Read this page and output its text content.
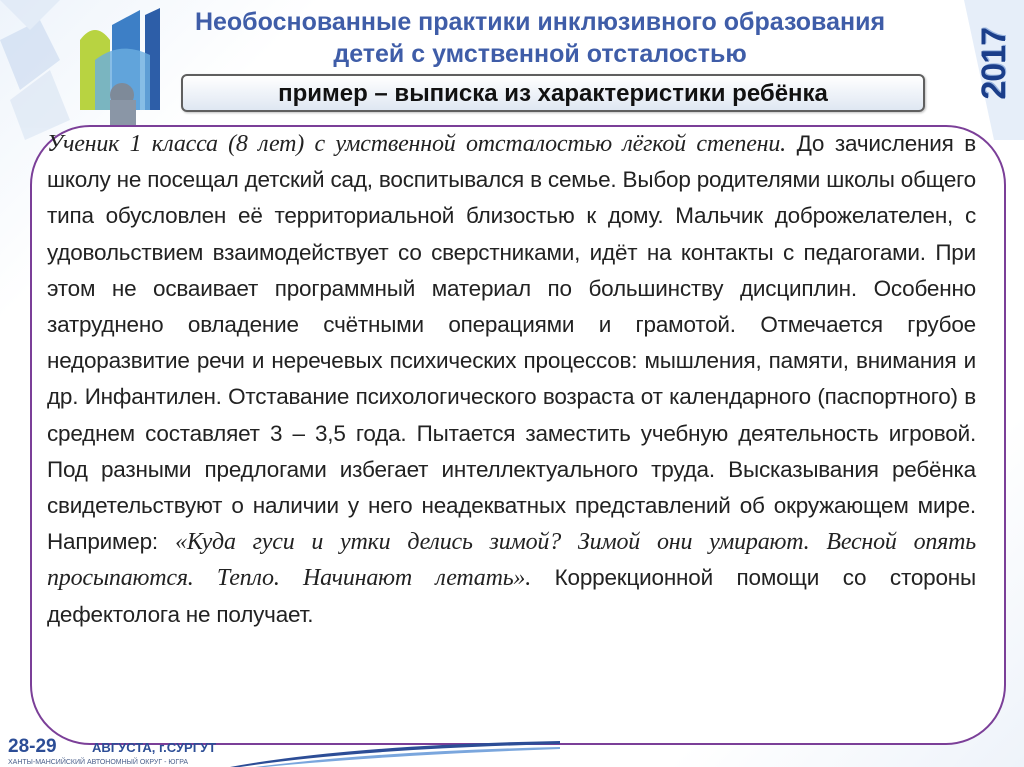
2017
Необоснованные практики инклюзивного образования детей с умственной отсталостью
пример – выписка из характеристики ребёнка

Ученик 1 класса (8 лет) с умственной отсталостью лёгкой степени. До зачисления в школу не посещал детский сад, воспитывался в семье. Выбор родителями школы общего типа обусловлен её территориальной близостью к дому. Мальчик доброжелателен, с удовольствием взаимодействует со сверстниками, идёт на контакты с педагогами. При этом не осваивает программный материал по большинству дисциплин. Особенно затруднено овладение счётными операциями и грамотой. Отмечается грубое недоразвитие речи и неречевых психических процессов: мышления, памяти, внимания и др. Инфантилен. Отставание психологического возраста от календарного (паспортного) в среднем составляет 3 – 3,5 года. Пытается заместить учебную деятельность игровой. Под разными предлогами избегает интеллектуального труда. Высказывания ребёнка свидетельствуют о наличии у него неадекватных представлений об окружающем мире. Например: «Куда гуси и утки делись зимой? Зимой они умирают. Весной опять просыпаются. Тепло. Начинают летать». Коррекционной помощи со стороны дефектолога не получает.

28-29	АВГУСТА, г.СУРГУТ
ХАНТЫ-МАНСИЙСКИЙ АВТОНОМНЫЙ ОКРУГ - ЮГРА
